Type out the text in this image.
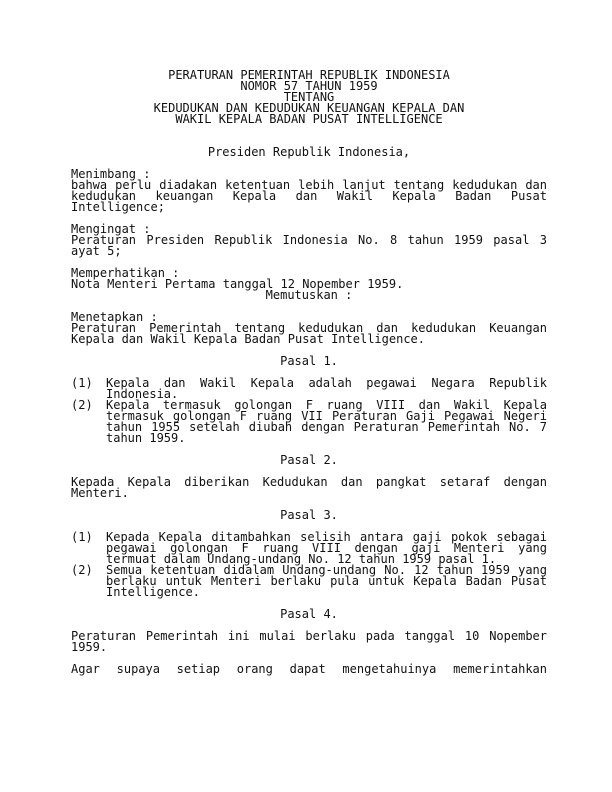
PERATURAN PEMERINTAH REPUBLIK INDONESIA
NOMOR 57 TAHUN 1959
TENTANG
KEDUDUKAN DAN KEDUDUKAN KEUANGAN KEPALA DAN
WAKIL KEPALA BADAN PUSAT INTELLIGENCE
Presiden Republik Indonesia,
Menimbang :
bahwa perlu diadakan ketentuan lebih lanjut tentang kedudukan dan
kedudukan keuangan Kepala dan Wakil Kepala Badan Pusat
Intelligence;
Mengingat :
Peraturan Presiden Republik Indonesia No. 8 tahun 1959 pasal 3
ayat 5;
Memperhatikan :
Nota Menteri Pertama tanggal 12 Nopember 1959.
Memutuskan :
Menetapkan :
Peraturan Pemerintah tentang kedudukan dan kedudukan Keuangan
Kepala dan Wakil Kepala Badan Pusat Intelligence.
Pasal 1.
(1) Kepala dan Wakil Kepala adalah pegawai Negara Republik
Indonesia.
(2) Kepala termasuk golongan F ruang VIII dan Wakil Kepala
termasuk golongan F ruang VII Peraturan Gaji Pegawai Negeri
tahun 1955 setelah diubah dengan Peraturan Pemerintah No. 7
tahun 1959.
Pasal 2.
Kepada Kepala diberikan Kedudukan dan pangkat setaraf dengan
Menteri.
Pasal 3.
(1) Kepada Kepala ditambahkan selisih antara gaji pokok sebagai
pegawai golongan F ruang VIII dengan gaji Menteri yang
termuat dalam Undang-undang No. 12 tahun 1959 pasal 1.
(2) Semua ketentuan didalam Undang-undang No. 12 tahun 1959 yang
berlaku untuk Menteri berlaku pula untuk Kepala Badan Pusat
Intelligence.
Pasal 4.
Peraturan Pemerintah ini mulai berlaku pada tanggal 10 Nopember
1959.
Agar supaya setiap orang dapat mengetahuinya memerintahkan
